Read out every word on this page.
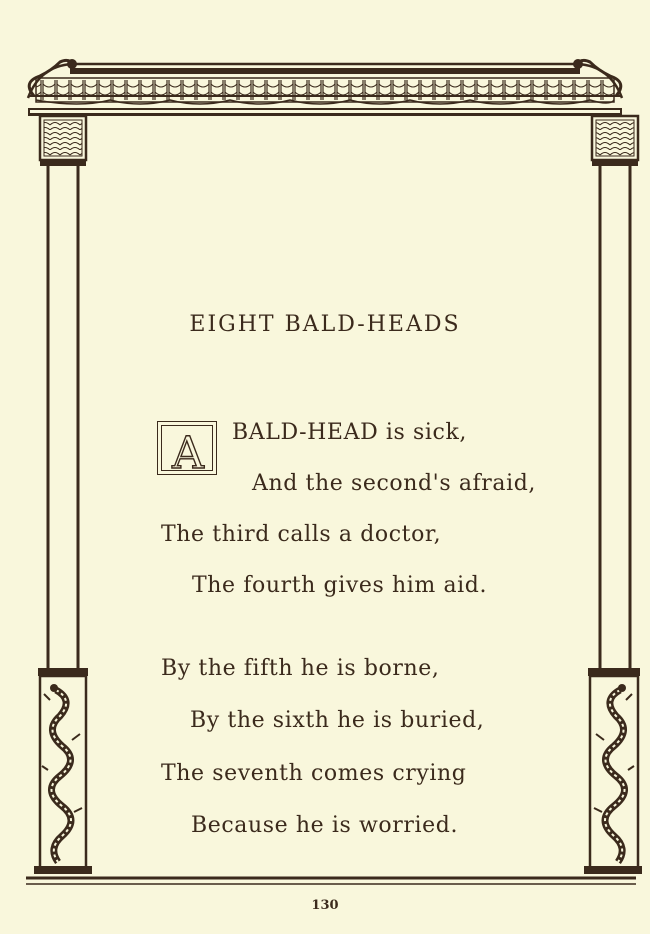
EIGHT BALD-HEADS
A BALD-HEAD is sick,
And the second's afraid,
The third calls a doctor,
The fourth gives him aid.
By the fifth he is borne,
By the sixth he is buried,
The seventh comes crying
Because he is worried.
130
